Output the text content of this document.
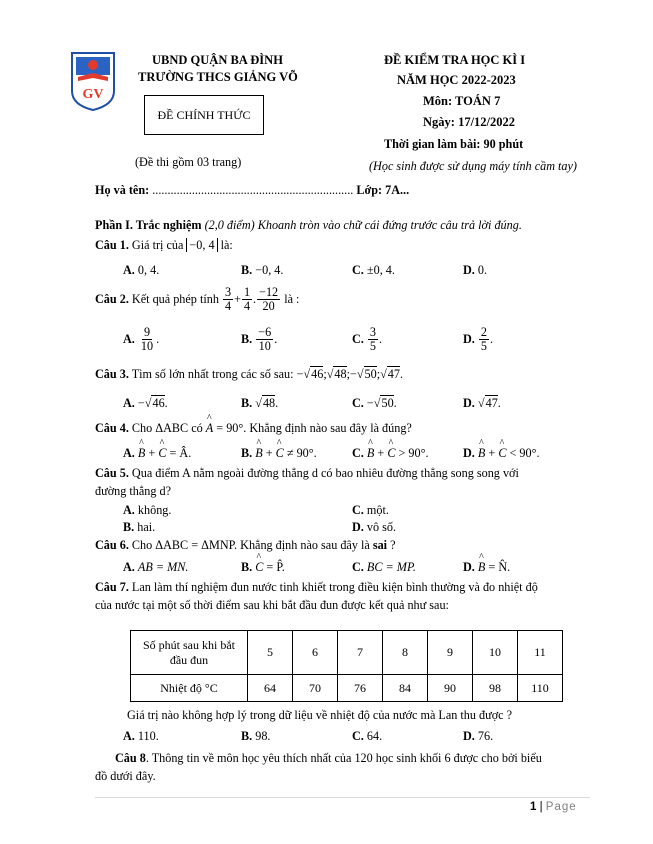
GV
UBND QUẬN BA ĐÌNH
TRƯỜNG THCS GIẢNG VÕ
ĐỀ CHÍNH THỨC
(Đề thi gồm 03 trang)
ĐỀ KIỂM TRA HỌC KÌ I
NĂM HỌC 2022-2023
Môn: TOÁN 7
Ngày: 17/12/2022
Thời gian làm bài: 90 phút
(Học sinh được sử dụng máy tính cầm tay)
Họ và tên: .................................................................. Lớp: 7A...
Phần I. Trắc nghiệm (2,0 điểm) Khoanh tròn vào chữ cái đứng trước câu trả lời đúng.
Câu 1. Giá trị của −0, 4 là:
A. 0, 4.	B. −0, 4.	C. ±0, 4.	D. 0.
Câu 2.
Kết quả phép tính
$\frac{3}{4} + \frac{1}{4}$ . $\frac{-12}{20}$
là :
A.
$\frac{9}{10}$ .	B.
$\frac{-6}{10}$ .	C.
$\frac{3}{5}$ .	D.
$\frac{2}{5}$ .
Câu 3. Tìm số lớn nhất trong các số sau: −√46;√48;−√50;√47.
A. −√46.	B. √48.	C. −√50.	D. √47.
Câu 4. Cho ΔABC có ^ A = 90°. Khẳng định nào sau đây là đúng?
A. ^ B + ^ C = Â.	B. ^ B + ^ C ≠ 90°.	C. ^ B + ^ C > 90°.	D. ^ B + ^ C < 90°.
Câu 5. Qua điểm A nằm ngoài đường thẳng d có bao nhiêu đường thẳng song song với
đường thẳng d?
A. không.	C. một.
B. hai.	D. vô số.
Câu 6. Cho ΔABC = ΔMNP. Khẳng định nào sau đây là sai ?
A. AB = MN.	B. ^ C = P̂.	C. BC = MP.	D. ^ B = N̂.
Câu 7. Lan làm thí nghiệm đun nước tinh khiết trong điều kiện bình thường và đo nhiệt độ
của nước tại một số thời điểm sau khi bắt đầu đun được kết quả như sau:
Số phút sau khi bắt
đầu đun	5	6	7	8	9	10	11
Nhiệt độ °C	64	70	76	84	90	98	110
Giá trị nào không hợp lý trong dữ liệu về nhiệt độ của nước mà Lan thu được ?
A. 110.	B. 98.	C. 64.	D. 76.
Câu 8. Thông tin về môn học yêu thích nhất của 120 học sinh khối 6 được cho bởi biểu
đồ dưới đây.
1 | Page
